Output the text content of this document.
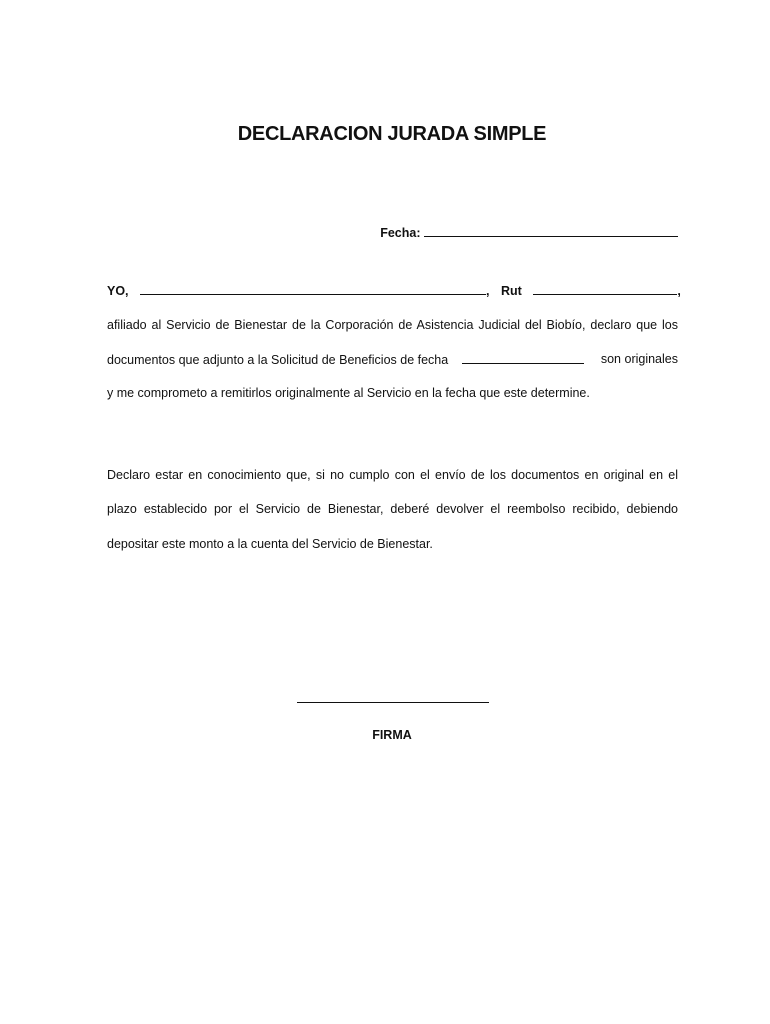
DECLARACION JURADA SIMPLE
Fecha:
YO,	, Rut	,
afiliado al Servicio de Bienestar de la Corporación de Asistencia Judicial del Biobío, declaro que los
documentos que adjunto a la Solicitud de Beneficios de fecha	son originales
y me comprometo a remitirlos originalmente al Servicio en la fecha que este determine.
Declaro estar en conocimiento que, si no cumplo con el envío de los documentos en original en el
plazo establecido por el Servicio de Bienestar, deberé devolver el reembolso recibido, debiendo
depositar este monto a la cuenta del Servicio de Bienestar.
FIRMA
